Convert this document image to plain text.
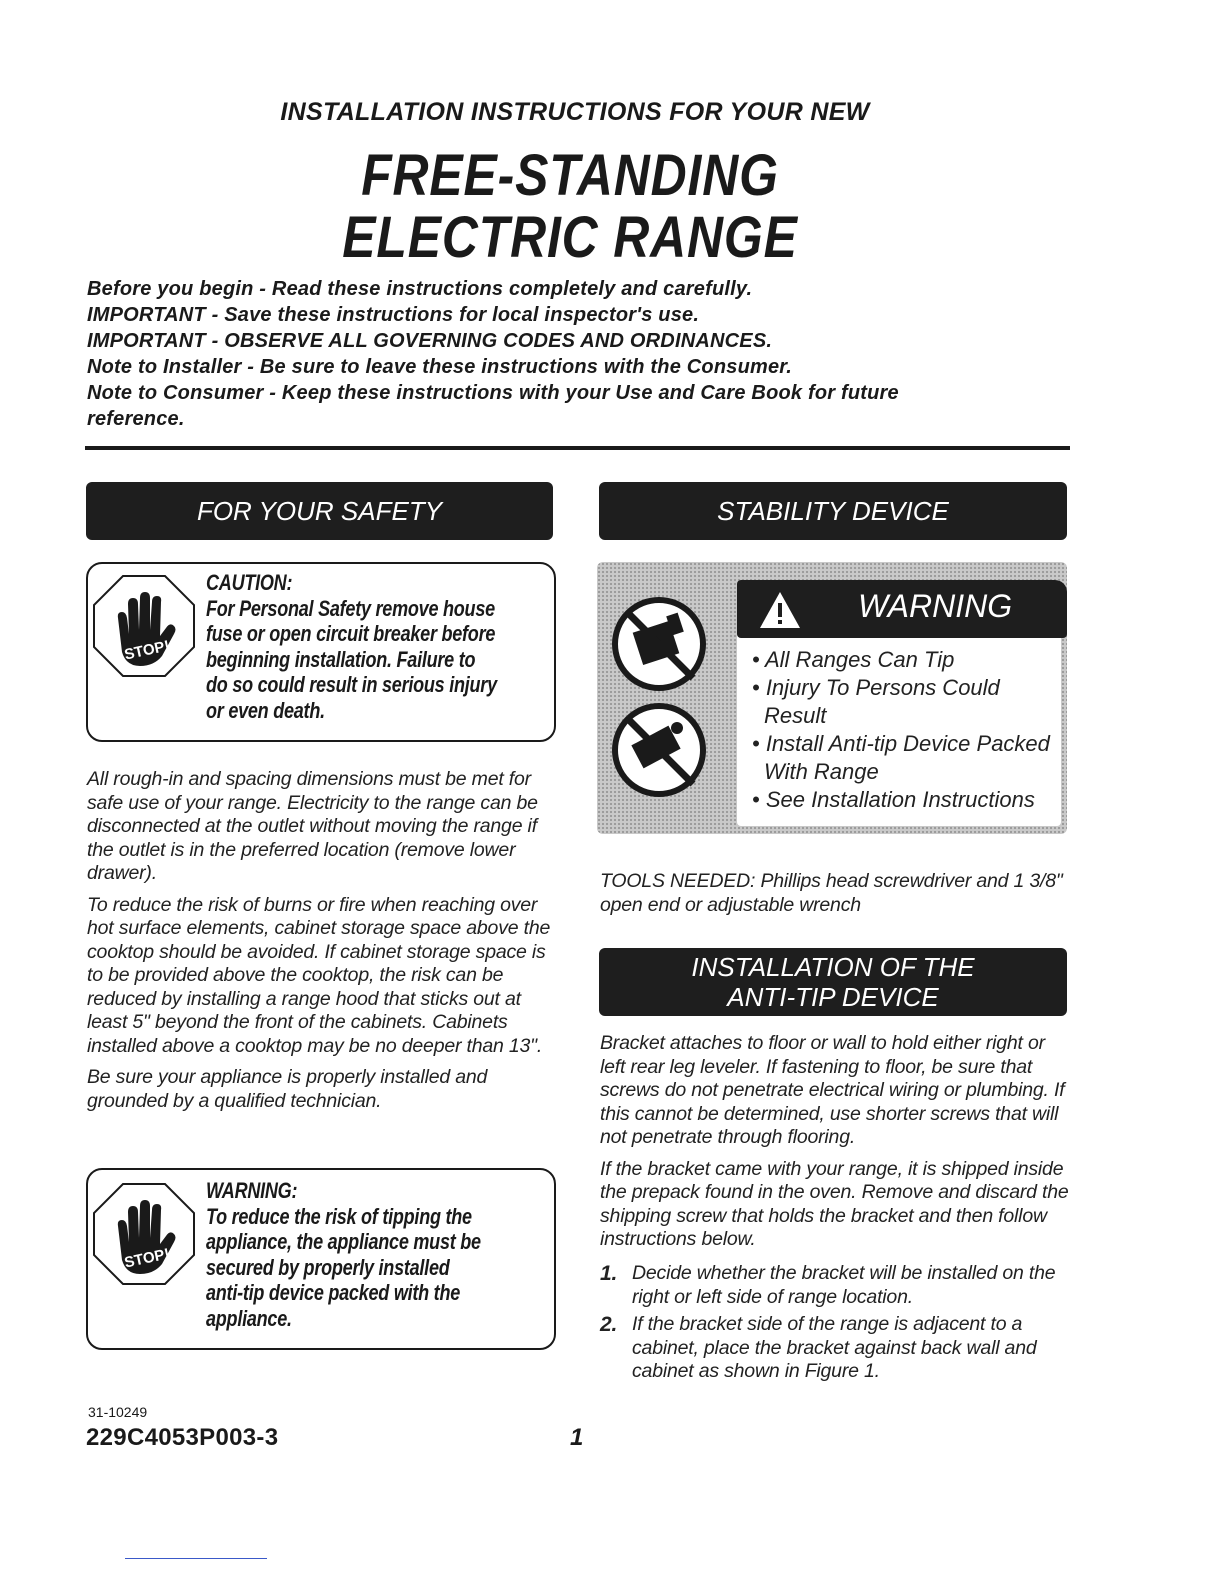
INSTALLATION INSTRUCTIONS FOR YOUR NEW
FREE-STANDING
ELECTRIC RANGE
Before you begin - Read these instructions completely and carefully.
IMPORTANT - Save these instructions for local inspector's use.
IMPORTANT - OBSERVE ALL GOVERNING CODES AND ORDINANCES.
Note to Installer - Be sure to leave these instructions with the Consumer.
Note to Consumer - Keep these instructions with your Use and Care Book for future
reference.
FOR YOUR SAFETY
STOP!
CAUTION:
For Personal Safety remove house
fuse or open circuit breaker before
beginning installation. Failure to
do so could result in serious injury
or even death.

All rough-in and spacing dimensions must be met for safe use of your range. Electricity to the range can be disconnected at the outlet without moving the range if the outlet is in the preferred location (remove lower drawer).

To reduce the risk of burns or fire when reaching over hot surface elements, cabinet storage space above the cooktop should be avoided. If cabinet storage space is to be provided above the cooktop, the risk can be reduced by installing a range hood that sticks out at least 5" beyond the front of the cabinets. Cabinets installed above a cooktop may be no deeper than 13".

Be sure your appliance is properly installed and grounded by a qualified technician.

STOP!
WARNING:
To reduce the risk of tipping the
appliance, the appliance must be
secured by properly installed
anti-tip device packed with the
appliance.
STABILITY DEVICE
WARNING
• All Ranges Can Tip
• Injury To Persons Could Result
• Install Anti-tip Device Packed With Range
• See Installation Instructions
TOOLS NEEDED: Phillips head screwdriver and 1 3/8" open end or adjustable wrench
INSTALLATION OF THE
ANTI-TIP DEVICE

Bracket attaches to floor or wall to hold either right or left rear leg leveler. If fastening to floor, be sure that screws do not penetrate electrical wiring or plumbing. If this cannot be determined, use shorter screws that will not penetrate through flooring.

If the bracket came with your range, it is shipped inside the prepack found in the oven. Remove and discard the shipping screw that holds the bracket and then follow instructions below.

1. Decide whether the bracket will be installed on the right or left side of range location.
2. If the bracket side of the range is adjacent to a cabinet, place the bracket against back wall and cabinet as shown in Figure 1.
31-10249
229C4053P003-3	1
